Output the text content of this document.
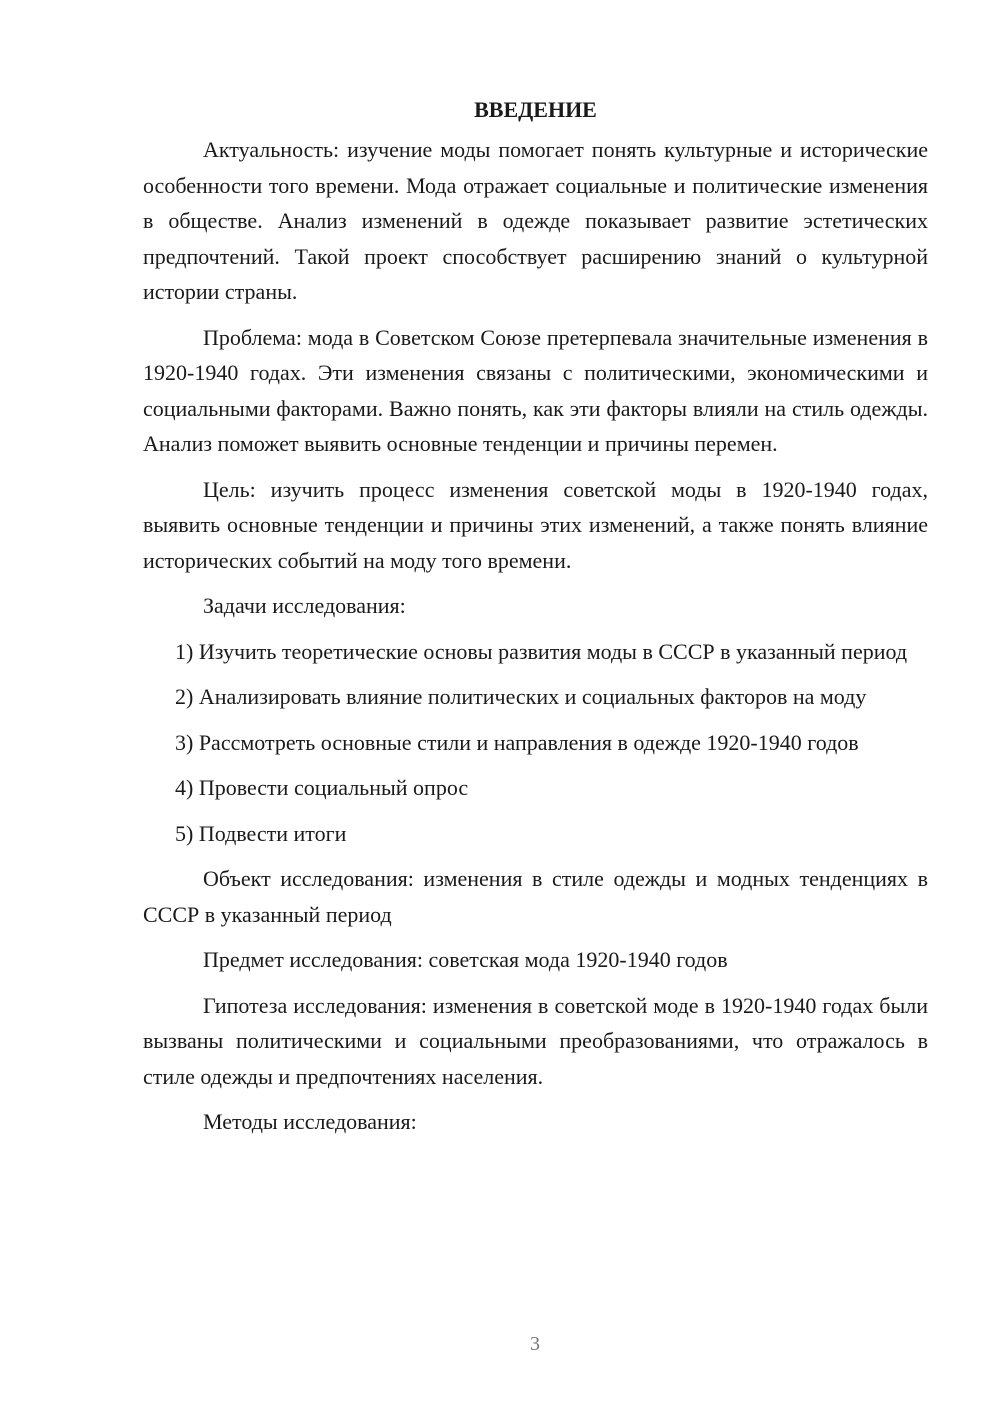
ВВЕДЕНИЕ

Актуальность: изучение моды помогает понять культурные и исторические особенности того времени. Мода отражает социальные и политические изменения в обществе. Анализ изменений в одежде показывает развитие эстетических предпочтений. Такой проект способствует расширению знаний о культурной истории страны.

Проблема: мода в Советском Союзе претерпевала значительные изменения в 1920-1940 годах. Эти изменения связаны с политическими, экономическими и социальными факторами. Важно понять, как эти факторы влияли на стиль одежды. Анализ поможет выявить основные тенденции и причины перемен.

Цель: изучить процесс изменения советской моды в 1920-1940 годах, выявить основные тенденции и причины этих изменений, а также понять влияние исторических событий на моду того времени.

Задачи исследования:

1) Изучить теоретические основы развития моды в СССР в указанный период

2) Анализировать влияние политических и социальных факторов на моду

3) Рассмотреть основные стили и направления в одежде 1920-1940 годов

4) Провести социальный опрос

5) Подвести итоги

Объект исследования: изменения в стиле одежды и модных тенденциях в СССР в указанный период

Предмет исследования: советская мода 1920-1940 годов

Гипотеза исследования: изменения в советской моде в 1920-1940 годах были вызваны политическими и социальными преобразованиями, что отражалось в стиле одежды и предпочтениях населения.

Методы исследования:

3
